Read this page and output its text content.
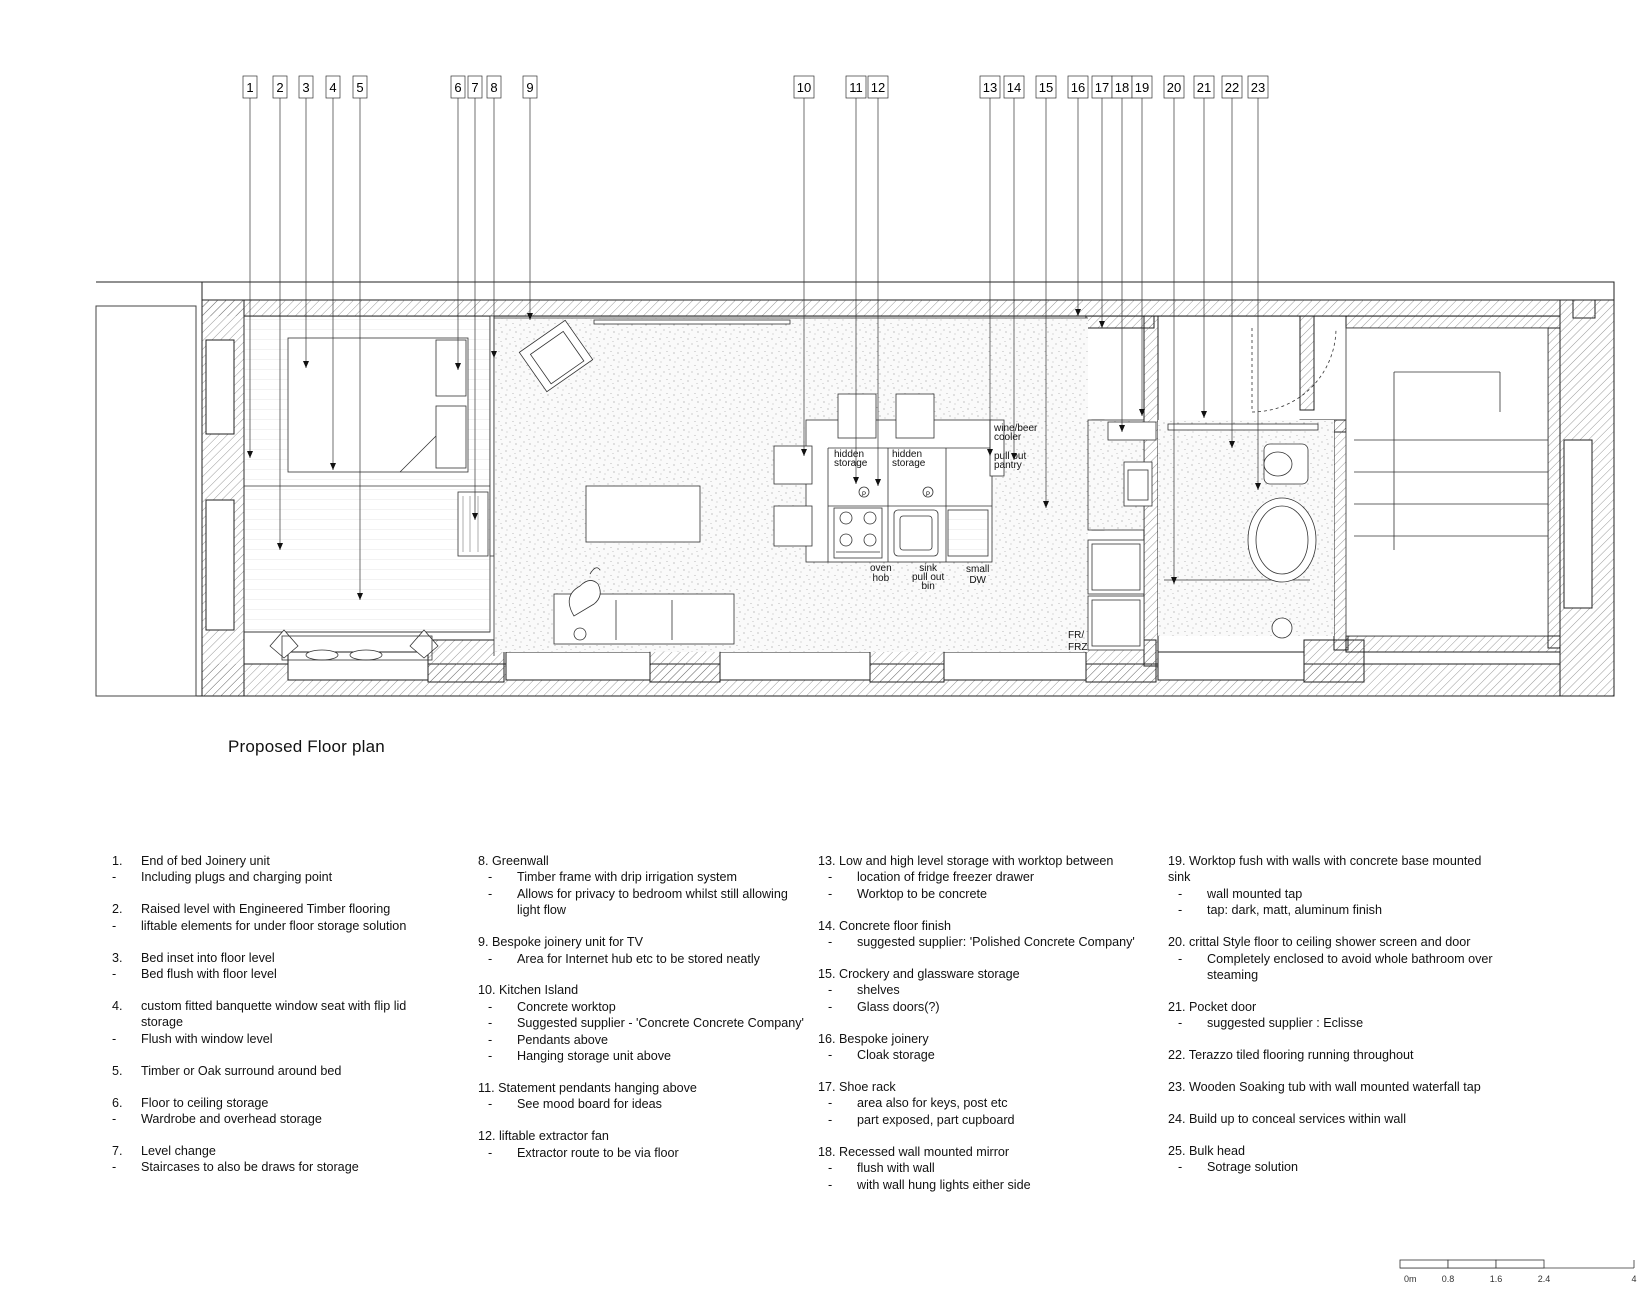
1 2 3 4 5	6 7 8 9	10	11 12	13 14 15 16 17 18 19 20 21 22 23
P	P
wine/beer
cooler
pull out
pantry
hidden
storage
hidden
storage
oven
hob
sink
pull out
bin
small
DW
FR/
FRZ
Proposed Floor plan
1.	End of bed Joinery unit
-	Including plugs and charging point
2.	Raised level with Engineered Timber flooring
-	liftable elements for under floor storage solution
3.	Bed inset into floor level
-	Bed flush with floor level
4.	custom fitted banquette window seat with flip lid storage
-	Flush with window level
5.	Timber or Oak surround around bed
6.	Floor to ceiling storage
-	Wardrobe and overhead storage
7.	Level change
-	Staircases to also be draws for storage
8. Greenwall
-	Timber frame with drip irrigation system
-	Allows for privacy to bedroom whilst still allowing light flow
9. Bespoke joinery unit for TV
-	Area for Internet hub etc to be stored neatly
10. Kitchen Island
-	Concrete worktop
-	Suggested supplier - 'Concrete Concrete Company'
-	Pendants above
-	Hanging storage unit above
11. Statement pendants hanging above
-	See mood board for ideas
12. liftable extractor fan
-	Extractor route to be via floor
13. Low and high level storage with worktop between
-	location of fridge freezer drawer
-	Worktop to be concrete
14. Concrete floor finish
-	suggested supplier: 'Polished Concrete Company'
15. Crockery and glassware storage
-	shelves
-	Glass doors(?)
16. Bespoke joinery
-	Cloak storage
17. Shoe rack
-	area also for keys, post etc
-	part exposed, part cupboard
18. Recessed wall mounted mirror
-	flush with wall
-	with wall hung lights either side
19. Worktop fush with walls with concrete base mounted sink
-	wall mounted tap
-	tap: dark, matt, aluminum finish
20. crittal Style floor to ceiling shower screen and door
-	Completely enclosed to avoid whole bathroom over steaming
21. Pocket door
-	suggested supplier : Eclisse
22. Terazzo tiled flooring running throughout
23. Wooden Soaking tub with wall mounted waterfall tap
24. Build up to conceal services within wall
25. Bulk head
-	Sotrage solution
0m	0.8	1.6	2.4	4
